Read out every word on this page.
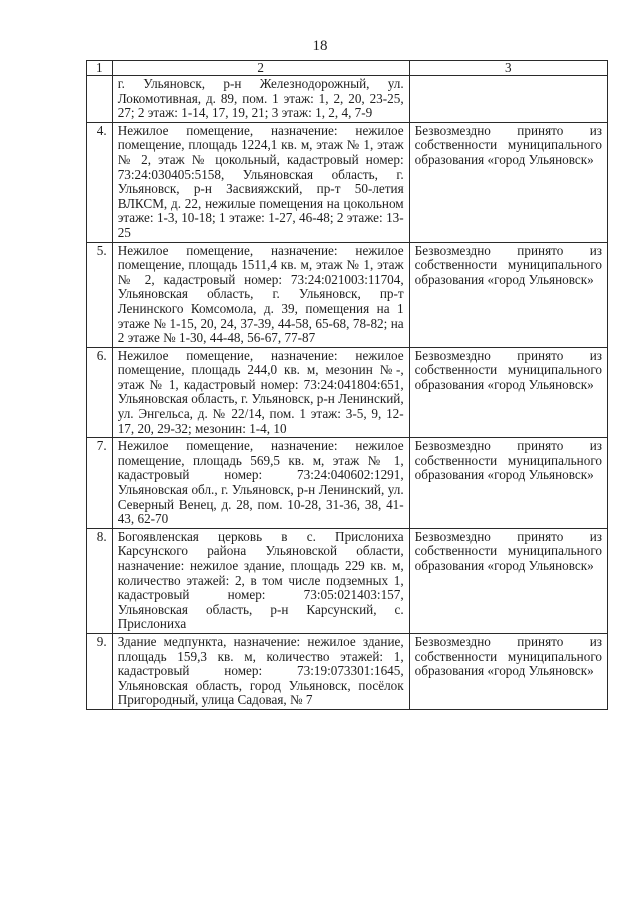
18
1	2	3
	г. Ульяновск, р-н Железнодорожный, ул. Локомотивная, д. 89, пом. 1 этаж: 1, 2, 20, 23-25, 27; 2 этаж: 1-14, 17, 19, 21; 3 этаж: 1, 2, 4, 7-9	
4.	Нежилое помещение, назначение: нежилое помещение, площадь 1224,1 кв. м, этаж № 1, этаж № 2, этаж № цокольный, кадастровый номер: 73:24:030405:5158, Ульяновская область, г. Ульяновск, р-н Засвияжский, пр-т 50-летия ВЛКСМ, д. 22, нежилые помещения на цокольном этаже: 1-3, 10-18; 1 этаже: 1-27, 46-48; 2 этаже: 13-25	Безвозмездно принято из собственности муниципального образования «город Ульяновск»
5.	Нежилое помещение, назначение: нежилое помещение, площадь 1511,4 кв. м, этаж № 1, этаж № 2, кадастровый номер: 73:24:021003:11704, Ульяновская область, г. Ульяновск, пр-т Ленинского Комсомола, д. 39, помещения на 1 этаже № 1-15, 20, 24, 37-39, 44-58, 65-68, 78-82; на 2 этаже № 1-30, 44-48, 56-67, 77-87	Безвозмездно принято из собственности муниципального образования «город Ульяновск»
6.	Нежилое помещение, назначение: нежилое помещение, площадь 244,0 кв. м, мезонин №-, этаж № 1, кадастровый номер: 73:24:041804:651, Ульяновская область, г. Ульяновск, р-н Ленинский, ул. Энгельса, д. № 22/14, пом. 1 этаж: 3-5, 9, 12-17, 20, 29-32; мезонин: 1-4, 10	Безвозмездно принято из собственности муниципального образования «город Ульяновск»
7.	Нежилое помещение, назначение: нежилое помещение, площадь 569,5 кв. м, этаж № 1, кадастровый номер: 73:24:040602:1291, Ульяновская обл., г. Ульяновск, р-н Ленинский, ул. Северный Венец, д. 28, пом. 10-28, 31-36, 38, 41-43, 62-70	Безвозмездно принято из собственности муниципального образования «город Ульяновск»
8.	Богоявленская церковь в с. Прислониха Карсунского района Ульяновской области, назначение: нежилое здание, площадь 229 кв. м, количество этажей: 2, в том числе подземных 1, кадастровый номер: 73:05:021403:157, Ульяновская область, р-н Карсунский, с. Прислониха	Безвозмездно принято из собственности муниципального образования «город Ульяновск»
9.	Здание медпункта, назначение: нежилое здание, площадь 159,3 кв. м, количество этажей: 1, кадастровый номер: 73:19:073301:1645, Ульяновская область, город Ульяновск, посёлок Пригородный, улица Садовая, № 7	Безвозмездно принято из собственности муниципального образования «город Ульяновск»
